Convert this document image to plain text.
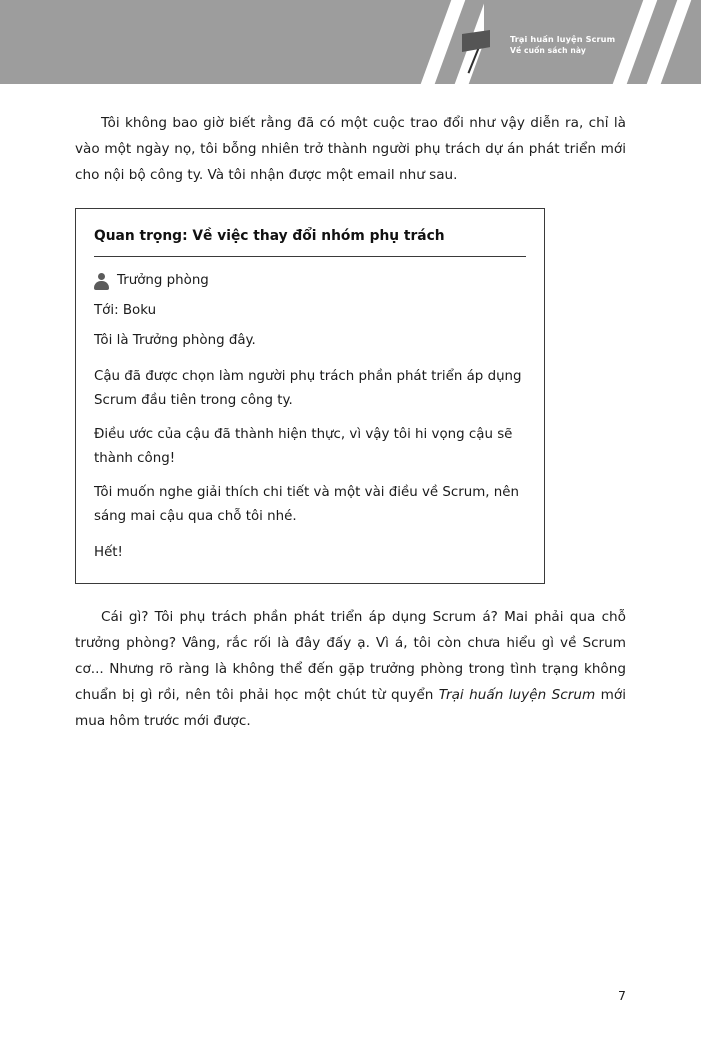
Trại huấn luyện Scrum
Về cuốn sách này

Tôi không bao giờ biết rằng đã có một cuộc trao đổi như vậy diễn ra, chỉ là vào một ngày nọ, tôi bỗng nhiên trở thành người phụ trách dự án phát triển mới cho nội bộ công ty. Và tôi nhận được một email như sau.

Quan trọng: Về việc thay đổi nhóm phụ trách
Trưởng phòng
Tới: Boku
Tôi là Trưởng phòng đây.
Cậu đã được chọn làm người phụ trách phần phát triển áp dụng Scrum đầu tiên trong công ty.
Điều ước của cậu đã thành hiện thực, vì vậy tôi hi vọng cậu sẽ thành công!
Tôi muốn nghe giải thích chi tiết và một vài điều về Scrum, nên sáng mai cậu qua chỗ tôi nhé.
Hết!

Cái gì? Tôi phụ trách phần phát triển áp dụng Scrum á? Mai phải qua chỗ trưởng phòng? Vâng, rắc rối là đây đấy ạ. Vì á, tôi còn chưa hiểu gì về Scrum cơ... Nhưng rõ ràng là không thể đến gặp trưởng phòng trong tình trạng không chuẩn bị gì rồi, nên tôi phải học một chút từ quyển Trại huấn luyện Scrum mới mua hôm trước mới được.

7
